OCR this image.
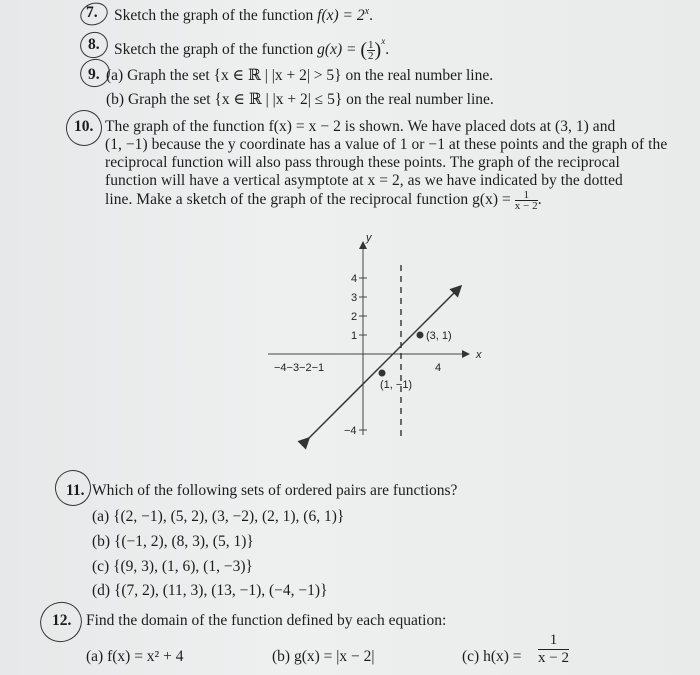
7. Sketch the graph of the function $f(x) = 2^x$.
8. Sketch the graph of the function g(x) = ( $\frac{1}{2} )^x$.
9. (a) Graph the set {x ∈ ℝ | |x + 2| > 5} on the real number line.
(b) Graph the set {x ∈ ℝ | |x + 2| ≤ 5} on the real number line.
10. The graph of the function f(x) = x − 2 is shown. We have placed dots at (3, 1) and
(1, −1) because the y coordinate has a value of 1 or −1 at these points and the graph of the
reciprocal function will also pass through these points. The graph of the reciprocal
function will have a vertical asymptote at x = 2, as we have indicated by the dotted
line. Make a sketch of the graph of the reciprocal function $g(x) = \frac{1}{x - 2}$ .
y
x
4
3
2
1
−4−3−2−1	4
−4
(3, 1)
(1, −1)
11. Which of the following sets of ordered pairs are functions?
(a) {(2, −1), (5, 2), (3, −2), (2, 1), (6, 1)}
(b) {(−1, 2), (8, 3), (5, 1)}
(c) {(9, 3), (1, 6), (1, −3)}
(d) {(7, 2), (11, 3), (13, −1), (−4, −1)}
12. Find the domain of the function defined by each equation:
(a) f(x) = x² + 4	(b) g(x) = |x − 2|	(c) h(x) =
1
x − 2
